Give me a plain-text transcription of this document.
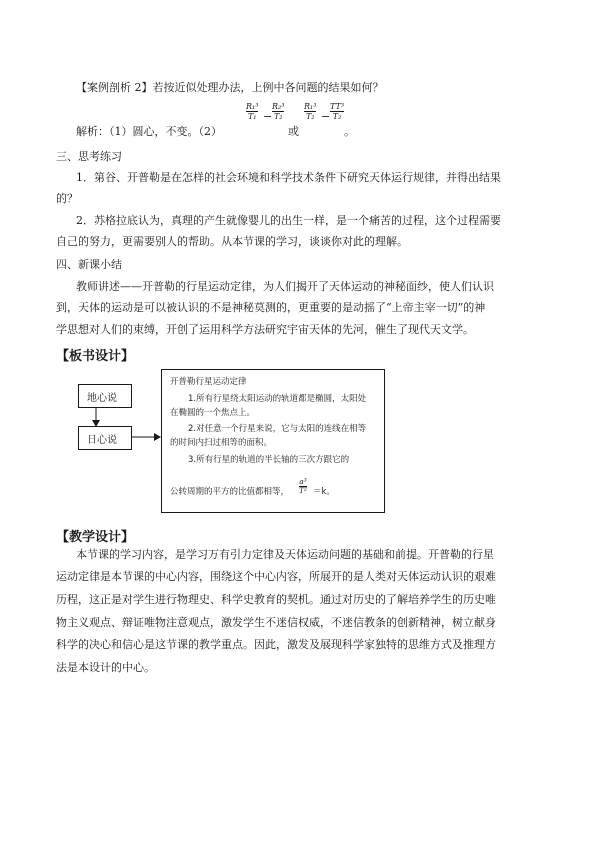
【案例剖析 2】若按近似处理办法，上例中各问题的结果如何？
解析：（1）圆心，不变。（2）
R₁³
T₁ −
R₂³
T₂
或
R₁³
T₂ −
TT³
T₂
。
三、思考练习
1．第谷、开普勒是在怎样的社会环境和科学技术条件下研究天体运行规律，并得出结果
的？
2．苏格拉底认为，真理的产生就像婴儿的出生一样，是一个痛苦的过程，这个过程需要
自己的努力，更需要别人的帮助。从本节课的学习，谈谈你对此的理解。
四、新课小结
教师讲述——开普勒的行星运动定律，为人们揭开了天体运动的神秘面纱，使人们认识
到，天体的运动是可以被认识的不是神秘莫测的，更重要的是动摇了“上帝主宰一切”的神
学思想对人们的束缚，开创了运用科学方法研究宇宙天体的先河，催生了现代天文学。
【板书设计】
地心说
日心说
开普勒行星运动定律
1.所有行星绕太阳运动的轨道都是椭圆，太阳处
在椭圆的一个焦点上。
2.对任意一个行星来说，它与太阳的连线在相等
的时间内扫过相等的面积。
3.所有行星的轨道的半长轴的三次方跟它的
公转周期的平方的比值都相等，
a³
T² ＝k。
【教学设计】
本节课的学习内容，是学习万有引力定律及天体运动问题的基础和前提。开普勒的行星
运动定律是本节课的中心内容，围绕这个中心内容，所展开的是人类对天体运动认识的艰难
历程，这正是对学生进行物理史、科学史教育的契机。通过对历史的了解培养学生的历史唯
物主义观点、辩证唯物注意观点，激发学生不迷信权威，不迷信教条的创新精神，树立献身
科学的决心和信心是这节课的教学重点。因此，激发及展现科学家独特的思维方式及推理方
法是本设计的中心。
